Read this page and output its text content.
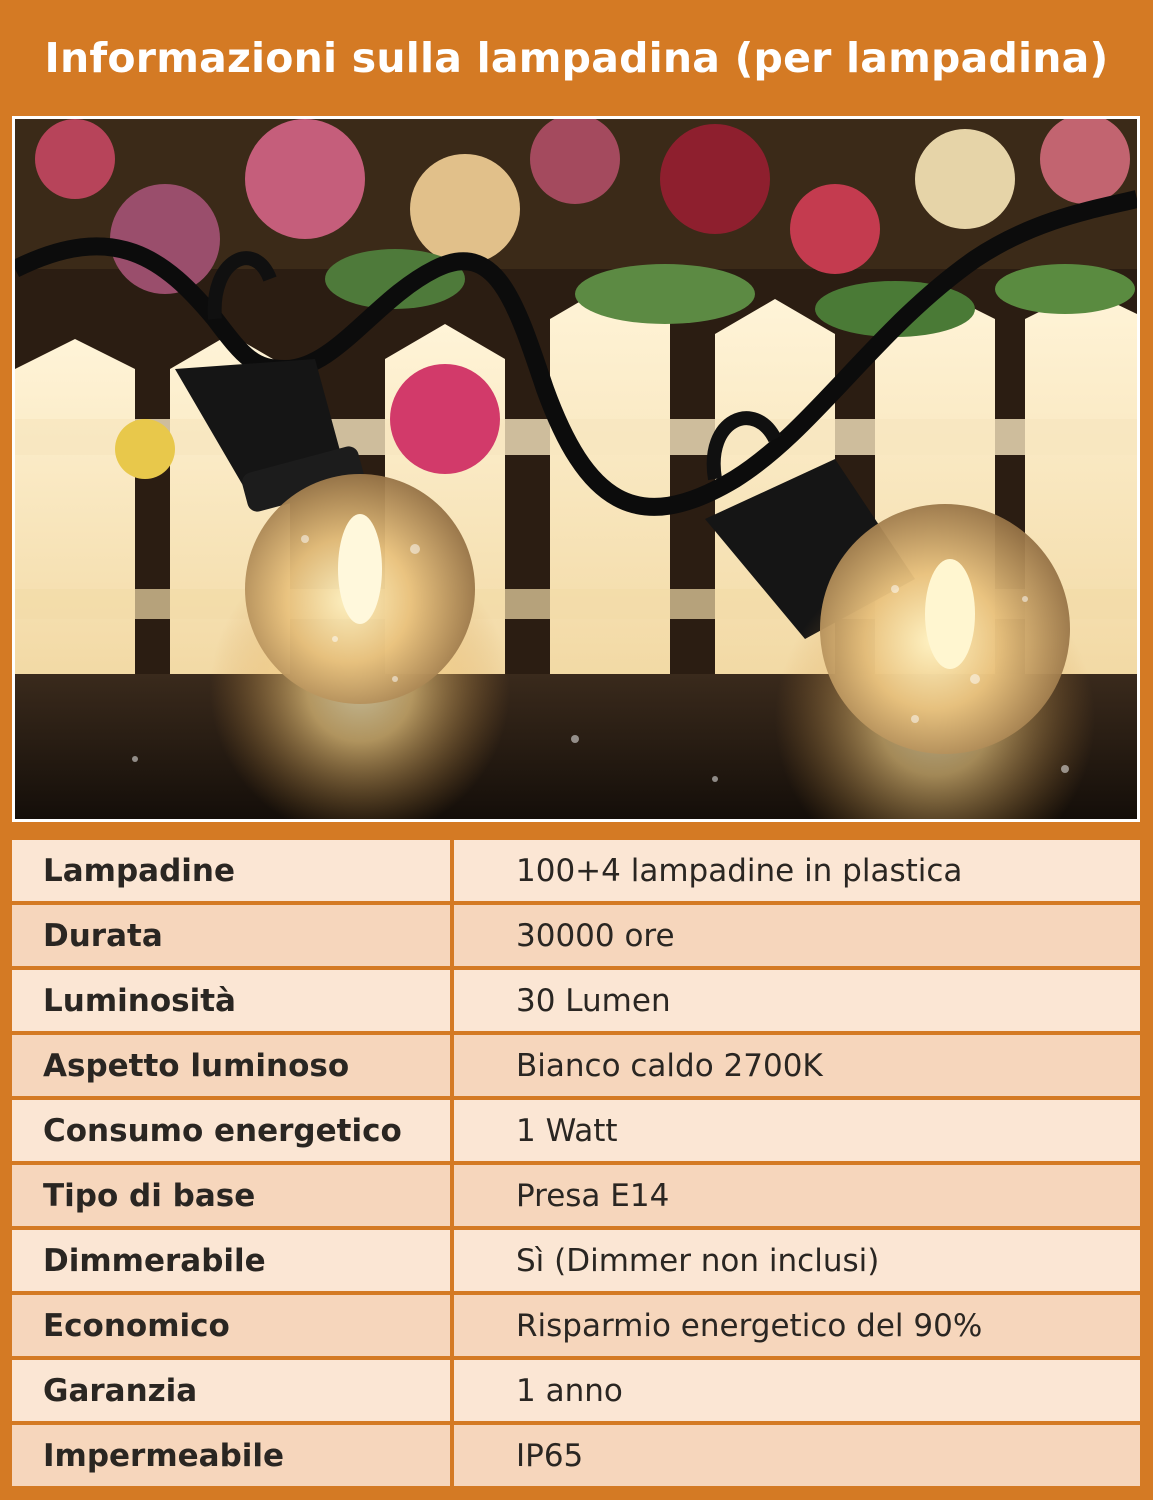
Informazioni sulla lampadina (per lampadina)
Lampadine	100+4 lampadine in plastica
Durata	30000 ore
Luminosità	30 Lumen
Aspetto luminoso	Bianco caldo 2700K
Consumo energetico	1 Watt
Tipo di base	Presa E14
Dimmerabile	Sì (Dimmer non inclusi)
Economico	Risparmio energetico del 90%
Garanzia	1 anno
Impermeabile	IP65
